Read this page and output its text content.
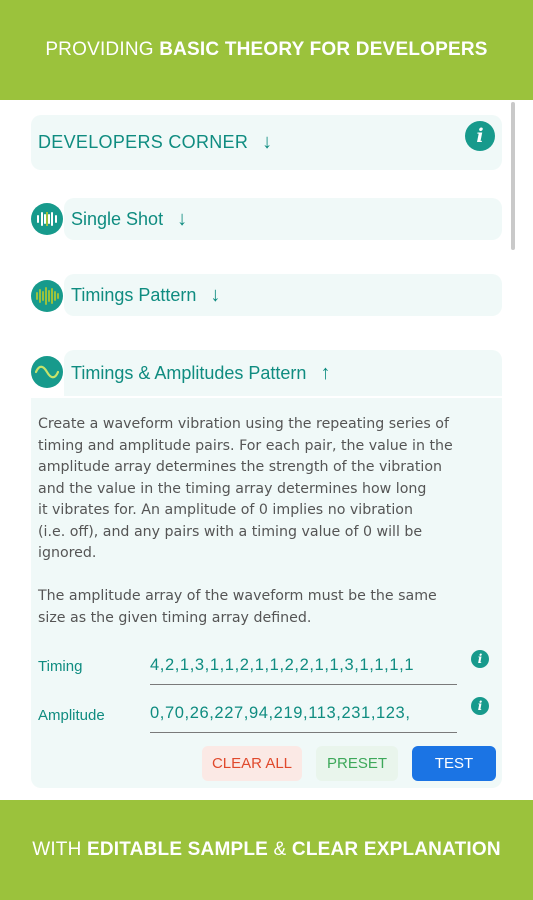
PROVIDING BASIC THEORY FOR DEVELOPERS
DEVELOPERS CORNER ↓	i
Single Shot ↓
Timings Pattern ↓
Timings & Amplitudes Pattern ↑
Create a waveform vibration using the repeating series of
timing and amplitude pairs. For each pair, the value in the
amplitude array determines the strength of the vibration
and the value in the timing array determines how long
it vibrates for. An amplitude of 0 implies no vibration
(i.e. off), and any pairs with a timing value of 0 will be
ignored.
The amplitude array of the waveform must be the same
size as the given timing array defined.
Timing	4,2,1,3,1,1,2,1,1,2,2,1,1,3,1,1,1,1	i
Amplitude	0,70,26,227,94,219,113,231,123,	i
CLEAR ALL	PRESET	TEST
WITH EDITABLE SAMPLE & CLEAR EXPLANATION
